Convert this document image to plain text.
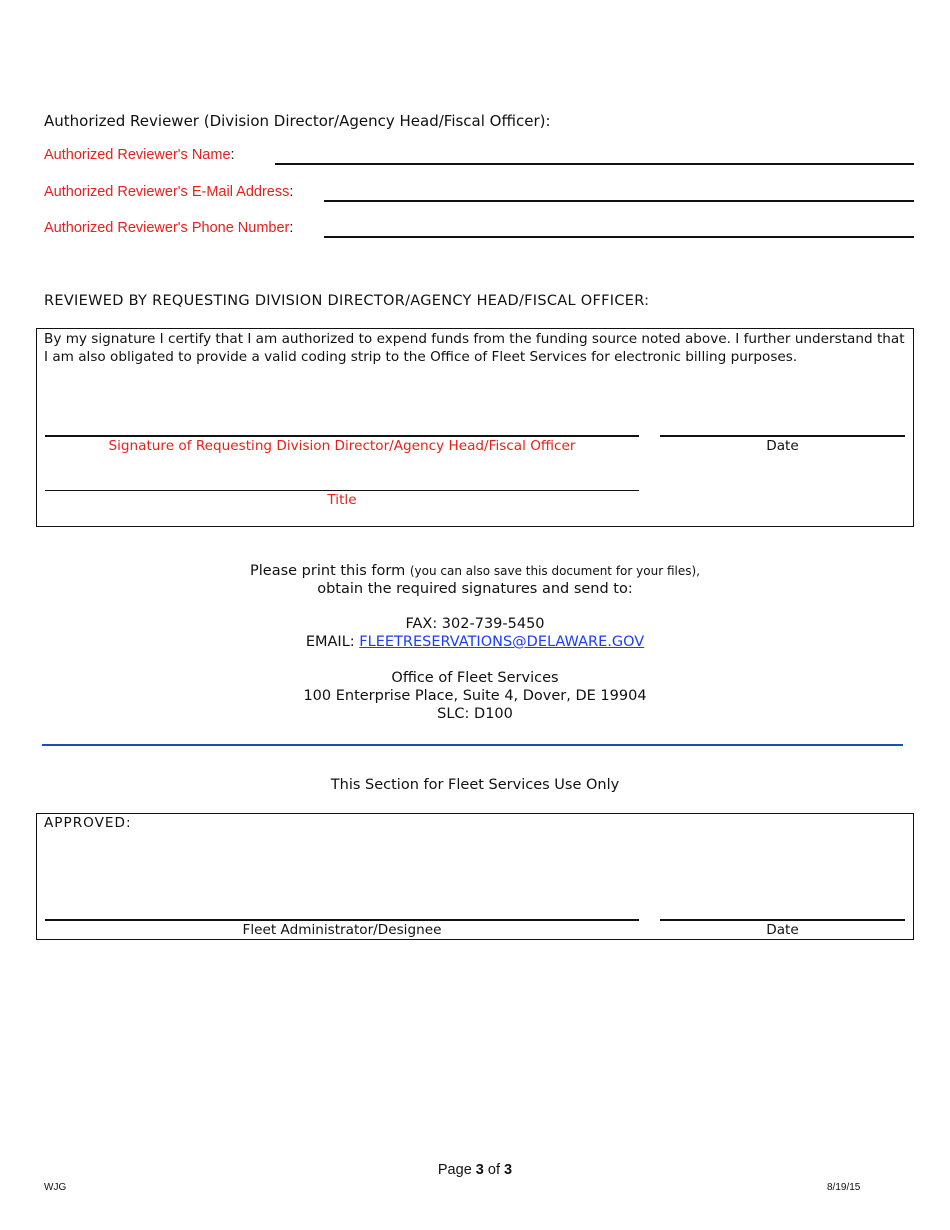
Authorized Reviewer (Division Director/Agency Head/Fiscal Officer):
Authorized Reviewer's Name:
Authorized Reviewer's E-Mail Address:
Authorized Reviewer's Phone Number:
REVIEWED BY REQUESTING DIVISION DIRECTOR/AGENCY HEAD/FISCAL OFFICER:
By my signature I certify that I am authorized to expend funds from the funding source noted above. I further understand that I am also obligated to provide a valid coding strip to the Office of Fleet Services for electronic billing purposes.
Signature of Requesting Division Director/Agency Head/Fiscal Officer	Date
Title
Please print this form (you can also save this document for your files),
obtain the required signatures and send to:
FAX: 302-739-5450
EMAIL: FLEETRESERVATIONS@DELAWARE.GOV
Office of Fleet Services
100 Enterprise Place, Suite 4, Dover, DE 19904
SLC: D100
This Section for Fleet Services Use Only
APPROVED:
Fleet Administrator/Designee	Date
Page 3 of 3
WJG	8/19/15
